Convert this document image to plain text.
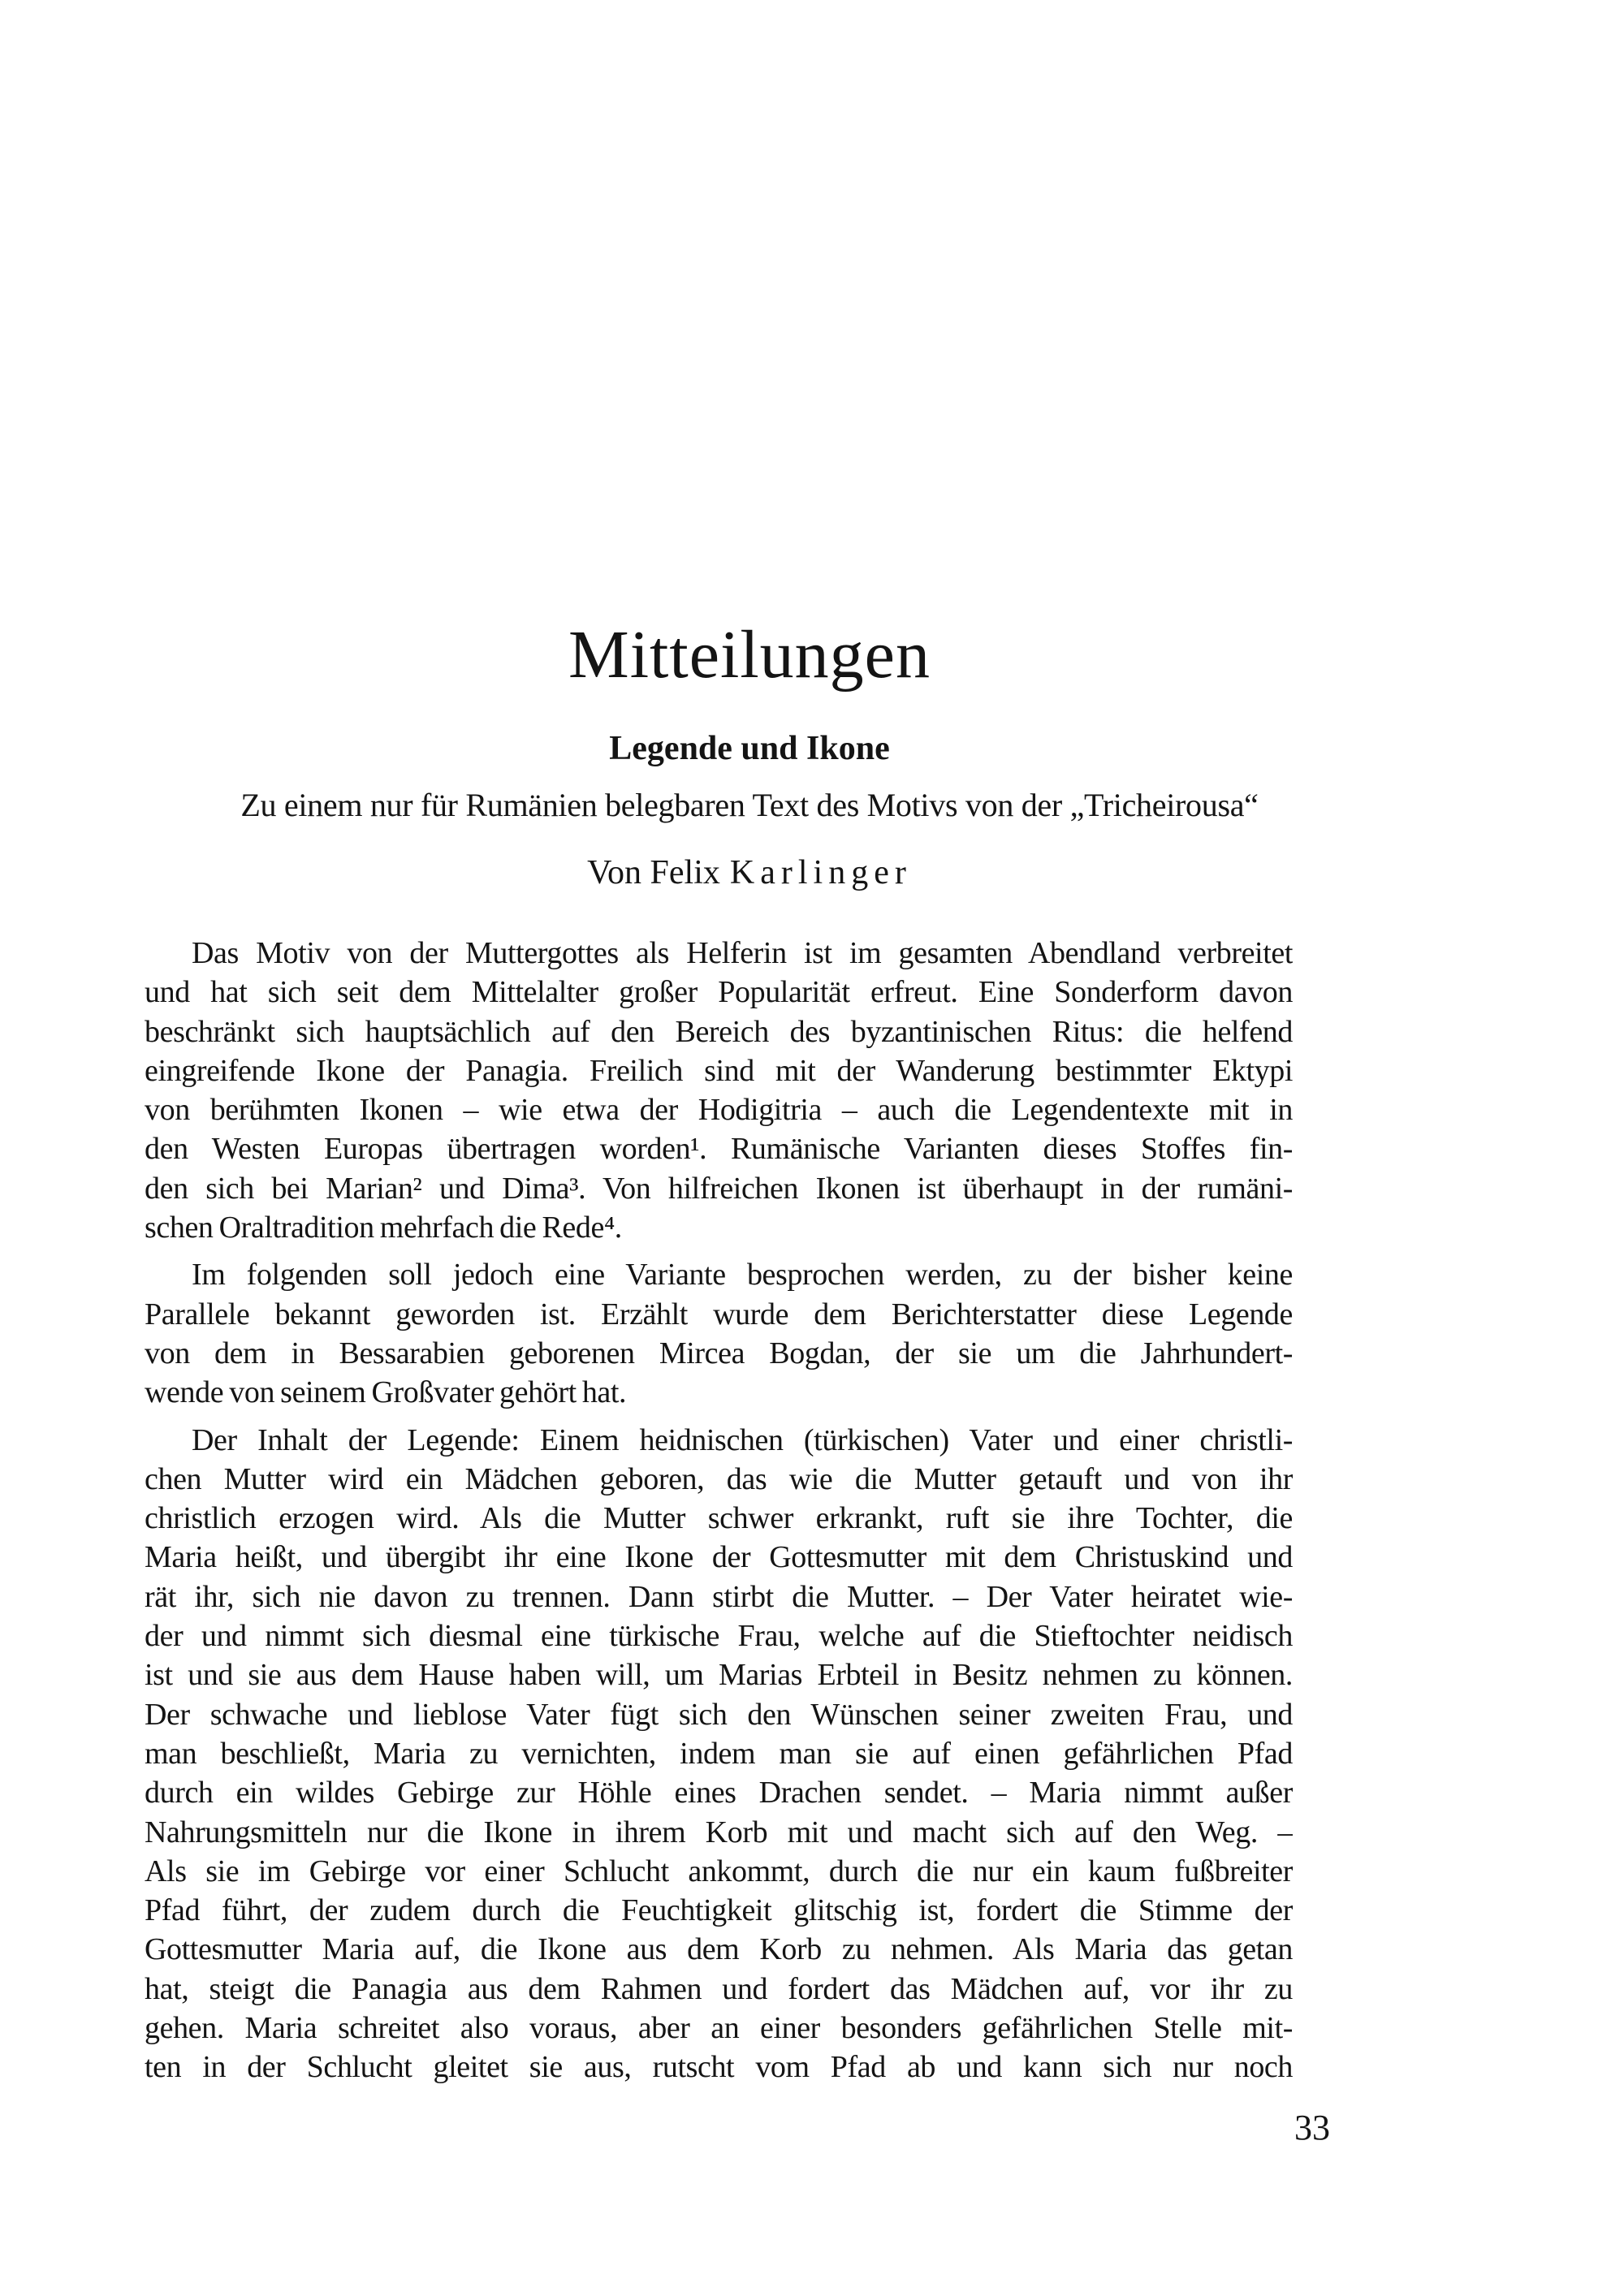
Mitteilungen
Legende und Ikone
Zu einem nur für Rumänien belegbaren Text des Motivs von der „Tricheirousa“
Von Felix Karlinger
Das Motiv von der Muttergottes als Helferin ist im gesamten Abendland verbreitet
und hat sich seit dem Mittelalter großer Popularität erfreut. Eine Sonderform davon
beschränkt sich hauptsächlich auf den Bereich des byzantinischen Ritus: die helfend
eingreifende Ikone der Panagia. Freilich sind mit der Wanderung bestimmter Ektypi
von berühmten Ikonen – wie etwa der Hodigitria – auch die Legendentexte mit in
den Westen Europas übertragen worden¹. Rumänische Varianten dieses Stoffes fin-
den sich bei Marian² und Dima³. Von hilfreichen Ikonen ist überhaupt in der rumäni-
schen Oraltradition mehrfach die Rede⁴.
Im folgenden soll jedoch eine Variante besprochen werden, zu der bisher keine
Parallele bekannt geworden ist. Erzählt wurde dem Berichterstatter diese Legende
von dem in Bessarabien geborenen Mircea Bogdan, der sie um die Jahrhundert-
wende von seinem Großvater gehört hat.
Der Inhalt der Legende: Einem heidnischen (türkischen) Vater und einer christli-
chen Mutter wird ein Mädchen geboren, das wie die Mutter getauft und von ihr
christlich erzogen wird. Als die Mutter schwer erkrankt, ruft sie ihre Tochter, die
Maria heißt, und übergibt ihr eine Ikone der Gottesmutter mit dem Christuskind und
rät ihr, sich nie davon zu trennen. Dann stirbt die Mutter. – Der Vater heiratet wie-
der und nimmt sich diesmal eine türkische Frau, welche auf die Stieftochter neidisch
ist und sie aus dem Hause haben will, um Marias Erbteil in Besitz nehmen zu können.
Der schwache und lieblose Vater fügt sich den Wünschen seiner zweiten Frau, und
man beschließt, Maria zu vernichten, indem man sie auf einen gefährlichen Pfad
durch ein wildes Gebirge zur Höhle eines Drachen sendet. – Maria nimmt außer
Nahrungsmitteln nur die Ikone in ihrem Korb mit und macht sich auf den Weg. –
Als sie im Gebirge vor einer Schlucht ankommt, durch die nur ein kaum fußbreiter
Pfad führt, der zudem durch die Feuchtigkeit glitschig ist, fordert die Stimme der
Gottesmutter Maria auf, die Ikone aus dem Korb zu nehmen. Als Maria das getan
hat, steigt die Panagia aus dem Rahmen und fordert das Mädchen auf, vor ihr zu
gehen. Maria schreitet also voraus, aber an einer besonders gefährlichen Stelle mit-
ten in der Schlucht gleitet sie aus, rutscht vom Pfad ab und kann sich nur noch
33
